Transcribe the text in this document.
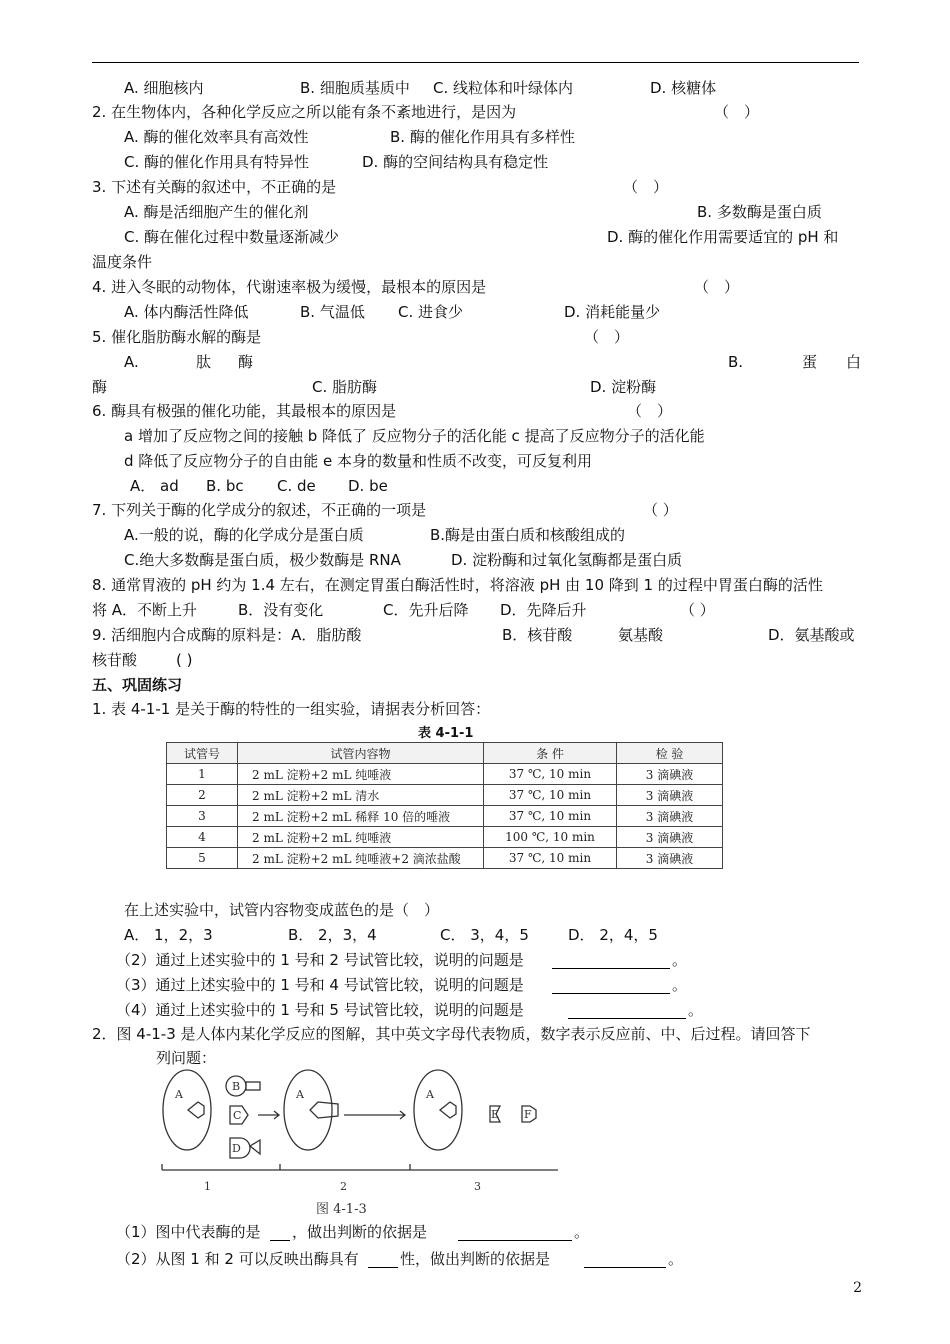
A. 细胞核内	B. 细胞质基质中 C. 线粒体和叶绿体内	D. 核糖体
2. 在生物体内，各种化学反应之所以能有条不紊地进行，是因为	（　）
A. 酶的催化效率具有高效性	B. 酶的催化作用具有多样性
C. 酶的催化作用具有特异性	D. 酶的空间结构具有稳定性
3. 下述有关酶的叙述中，不正确的是	（　）
A. 酶是活细胞产生的催化剂	B. 多数酶是蛋白质
C. 酶在催化过程中数量逐渐减少	D. 酶的催化作用需要适宜的 pH 和
温度条件
4. 进入冬眠的动物体，代谢速率极为缓慢，最根本的原因是	（　）
A. 体内酶活性降低	B. 气温低 C. 进食少	D. 消耗能量少
5. 催化脂肪酶水解的酶是	（　）
A.	肽 酶	B.	蛋 白
酶	C. 脂肪酶	D. 淀粉酶
6. 酶具有极强的催化功能，其最根本的原因是	（　）
a 增加了反应物之间的接触 b 降低了 反应物分子的活化能 c 提高了反应物分子的活化能
d 降低了反应物分子的自由能 e 本身的数量和性质不改变，可反复利用
A． ad B. bc C. de D. be
7. 下列关于酶的化学成分的叙述，不正确的一项是	（ ）
A.一般的说，酶的化学成分是蛋白质	B.酶是由蛋白质和核酸组成的
C.绝大多数酶是蛋白质，极少数酶是 RNA	D. 淀粉酶和过氧化氢酶都是蛋白质
8. 通常胃液的 pH 约为 1.4 左右，在测定胃蛋白酶活性时，将溶液 pH 由 10 降到 1 的过程中胃蛋白酶的活性
将 A．不断上升	B．没有变化	C．先升后降 D．先降后升	（ ）
9. 活细胞内合成酶的原料是：A．脂肪酸	B．核苷酸	氨基酸	D．氨基酸或
核苷酸	( )
五、巩固练习
1. 表 4-1-1 是关于酶的特性的一组实验，请据表分析回答：
在上述实验中，试管内容物变成蓝色的是（　）
A． 1，2，3	B． 2，3，4	C． 3，4，5	D． 2，4，5
（2）通过上述实验中的 1 号和 2 号试管比较，说明的问题是	。
（3）通过上述实验中的 1 号和 4 号试管比较，说明的问题是	。
（4）通过上述实验中的 1 号和 5 号试管比较，说明的问题是	。
2．图 4-1-3 是人体内某化学反应的图解，其中英文字母代表物质，数字表示反应前、中、后过程。请回答下
列问题：
（1）图中代表酶的是 ，做出判断的依据是	。
（2）从图 1 和 2 可以反映出酶具有	性，做出判断的依据是	。
表 4-1-1
试管号	试管内容物	条 件	检 验
1	2 mL 淀粉+2 mL 纯唾液	37 ℃, 10 min	3 滴碘液
2	2 mL 淀粉+2 mL 清水	37 ℃, 10 min	3 滴碘液
3	2 mL 淀粉+2 mL 稀释 10 倍的唾液	37 ℃, 10 min	3 滴碘液
4	2 mL 淀粉+2 mL 纯唾液	100 ℃, 10 min	3 滴碘液
5	2 mL 淀粉+2 mL 纯唾液+2 滴浓盐酸	37 ℃, 10 min	3 滴碘液
A
B
C
D
A	A
E F
1	2	3
图 4-1-3
2
